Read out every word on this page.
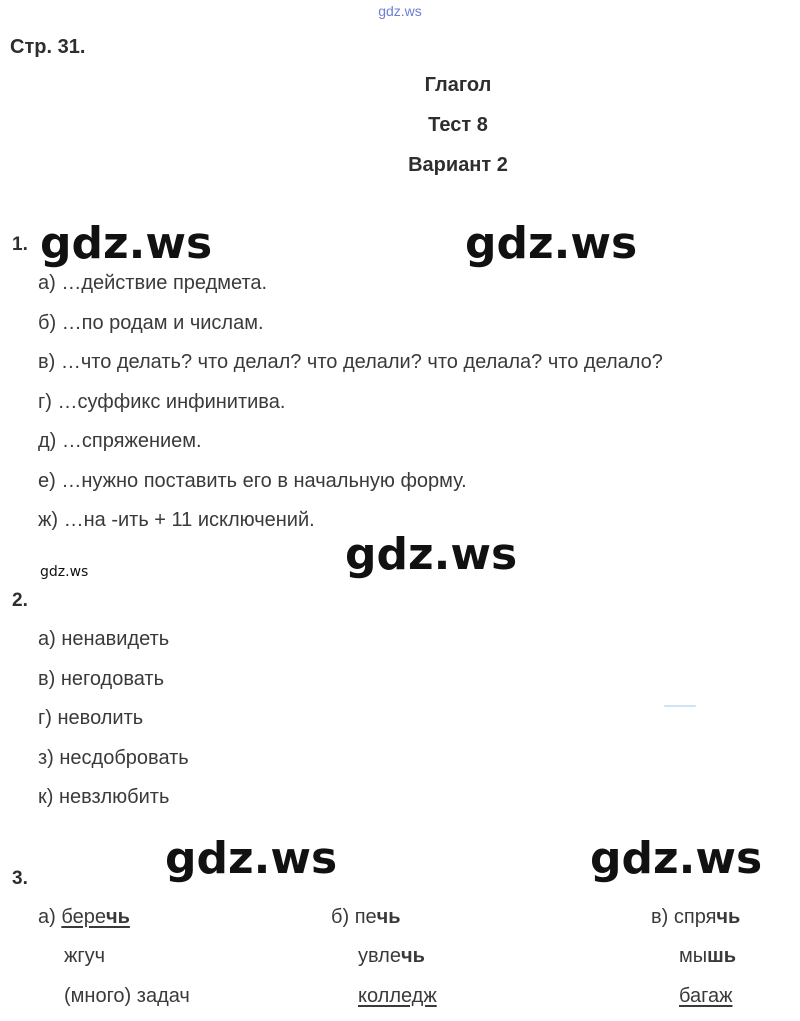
gdz.ws
Стр. 31.
Глагол
Тест 8
Вариант 2
1. gdz.ws	gdz.ws
а) …действие предмета.
б) …по родам и числам.
в) …что делать? что делал? что делали? что делала? что делало?
г) …суффикс инфинитива.
д) …спряжением.
е) …нужно поставить его в начальную форму.
ж) …на -ить + 11 исключений.
gdz.ws
gdz.ws
2.
а) ненавидеть
в) негодовать
г) неволить
з) несдобровать
к) невзлюбить
gdz.ws	gdz.ws
3.
а) беречь
жгуч
(много) задач
б) печь
увлечь
колледж
в) спрячь
мышь
багаж
